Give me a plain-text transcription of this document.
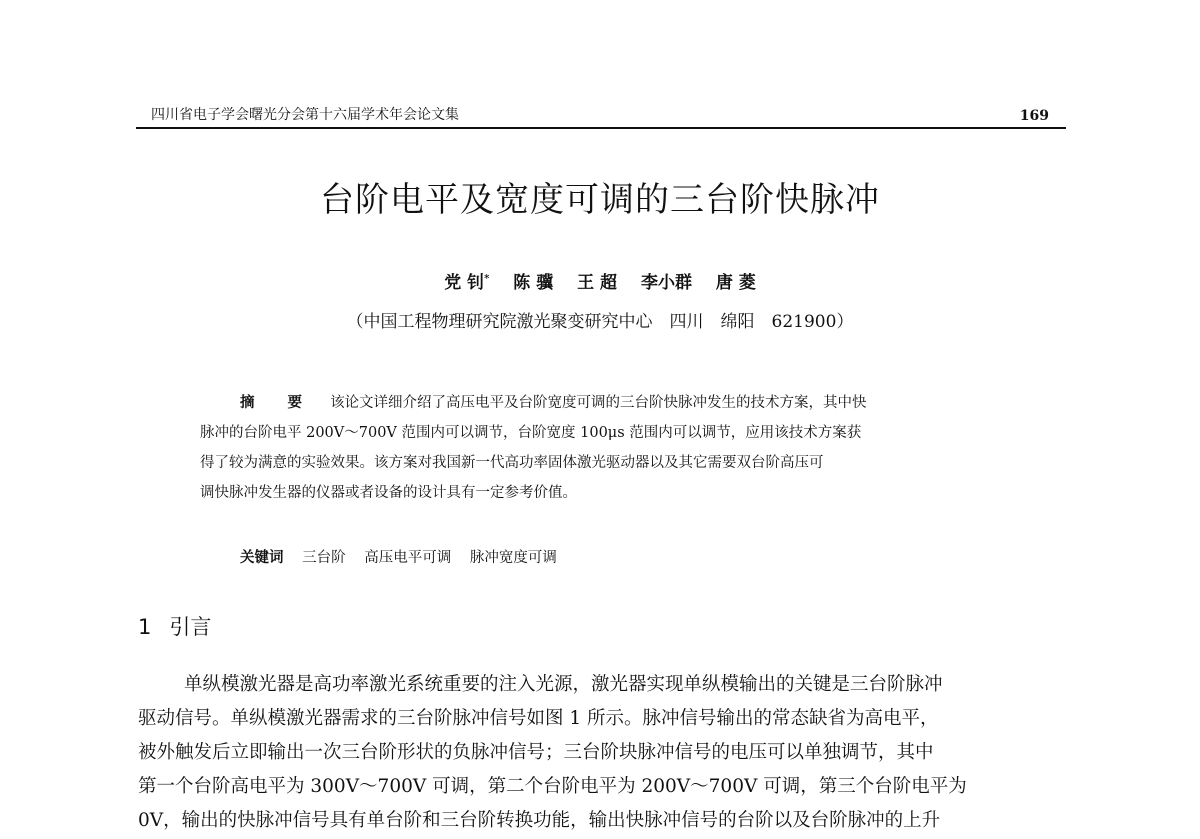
四川省电子学会曙光分会第十六届学术年会论文集	169
台阶电平及宽度可调的三台阶快脉冲
党 钊* 陈 骥 王 超 李小群 唐 菱
（中国工程物理研究院激光聚变研究中心　四川　绵阳　621900）

摘 要 该论文详细介绍了高压电平及台阶宽度可调的三台阶快脉冲发生的技术方案，其中快

脉冲的台阶电平 200V～700V 范围内可以调节，台阶宽度 100μs 范围内可以调节，应用该技术方案获

得了较为满意的实验效果。该方案对我国新一代高功率固体激光驱动器以及其它需要双台阶高压可

调快脉冲发生器的仪器或者设备的设计具有一定参考价值。

关键词 三台阶 高压电平可调 脉冲宽度可调
1 引言

单纵模激光器是高功率激光系统重要的注入光源，激光器实现单纵模输出的关键是三台阶脉冲

驱动信号。单纵模激光器需求的三台阶脉冲信号如图 1 所示。脉冲信号输出的常态缺省为高电平，

被外触发后立即输出一次三台阶形状的负脉冲信号；三台阶块脉冲信号的电压可以单独调节，其中

第一个台阶高电平为 300V～700V 可调，第二个台阶电平为 200V～700V 可调，第三个台阶电平为

0V，输出的快脉冲信号具有单台阶和三台阶转换功能，输出快脉冲信号的台阶以及台阶脉冲的上升
